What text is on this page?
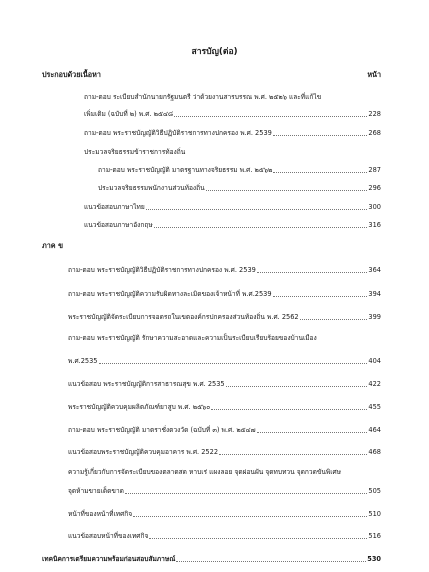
สารบัญ(ต่อ)
ประกอบด้วยเนื้อหา	หน้า
ถาม-ตอบ ระเบียบสำนักนายกรัฐมนตรี ว่าด้วยงานสารบรรณ พ.ศ. ๒๕๒๖ และที่แก้ไข
เพิ่มเติม (ฉบับที่ ๒) พ.ศ. ๒๕๔๘	228
ถาม-ตอบ พระราชบัญญัติวิธีปฏิบัติราชการทางปกครอง พ.ศ. 2539	268
ประมวลจริยธรรมข้าราชการท้องถิ่น
ถาม-ตอบ พระราชบัญญัติ มาตรฐานทางจริยธรรม พ.ศ. ๒๕๖๒	287
ประมวลจริยธรรมพนักงานส่วนท้องถิ่น	296
แนวข้อสอบภาษาไทย	300
แนวข้อสอบภาษาอังกฤษ	316
ภาค ข
ถาม-ตอบ พระราชบัญญัติวิธีปฏิบัติราชการทางปกครอง พ.ศ. 2539	364
ถาม-ตอบ พระราชบัญญัติความรับผิดทางละเมิดของเจ้าหน้าที่ พ.ศ.2539	394
พระราชบัญญัติจัดระเบียบการจอดรถในเขตองค์กรปกครองส่วนท้องถิ่น พ.ศ. 2562	399
ถาม-ตอบ พระราชบัญญัติ รักษาความสะอาดและความเป็นระเบียบเรียบร้อยของบ้านเมือง
พ.ศ.2535	404
แนวข้อสอบ พระราชบัญญัติการสาธารณสุข พ.ศ. 2535	422
พระราชบัญญัติควบคุมผลิตภัณฑ์ยาสูบ พ.ศ. ๒๕๖๐	455
ถาม-ตอบ พระราชบัญญัติ มาตราชั่งตวงวัด (ฉบับที่ ๓) พ.ศ. ๒๕๔๗	464
แนวข้อสอบพระราชบัญญัติควบคุมอาคาร พ.ศ. 2522	468
ความรู้เกี่ยวกับการจัดระเบียบของตลาดสด หาบเร่ แผงลอย จุดผ่อนผัน จุดทบทวน จุดกวดขันพิเศษ
จุดห้ามขายเด็ดขาด	505
หน้าที่ของหน้าที่เทศกิจ	510
แนวข้อสอบหน้าที่ของเทศกิจ	516
เทคนิคการเตรียมความพร้อมก่อนสอบสัมภาษณ์	530
